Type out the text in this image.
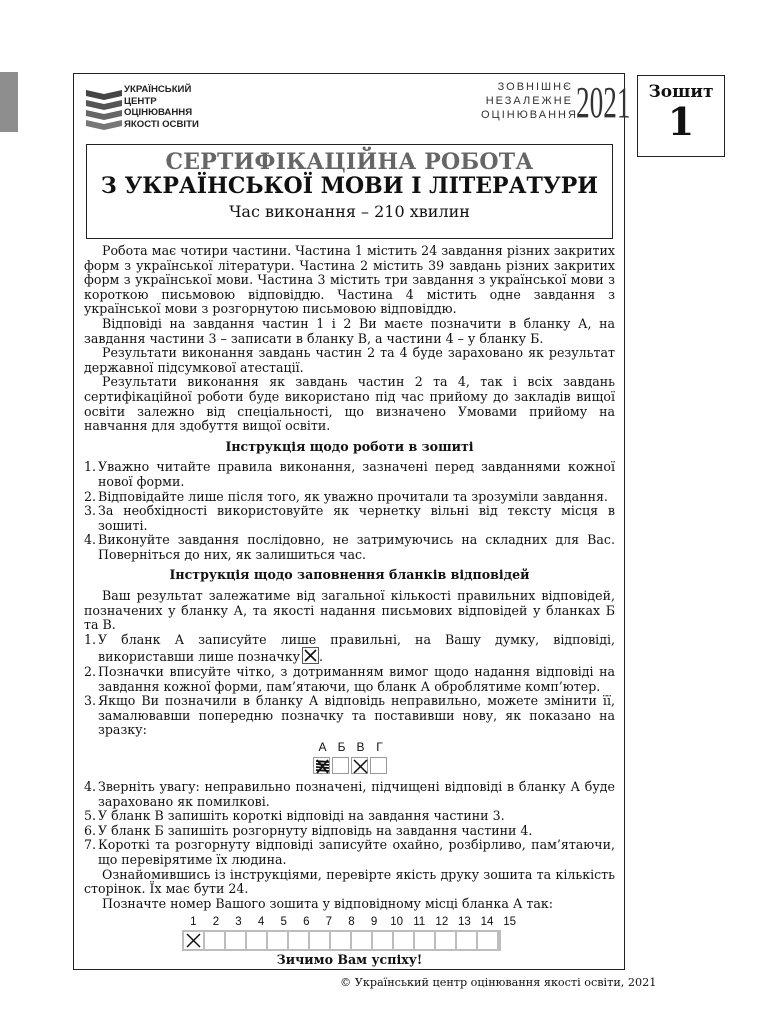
Зошит
1
УКРАЇНСЬКИЙ
ЦЕНТР
ОЦІНЮВАННЯ
ЯКОСТІ ОСВІТИ
ЗОВНІШНЄ
НЕЗАЛЕЖНЕ
ОЦІНЮВАННЯ
2021
СЕРТИФІКАЦІЙНА РОБОТА
З УКРАЇНСЬКОЇ МОВИ І ЛІТЕРАТУРИ
Час виконання – 210 хвилин

Робота має чотири частини. Частина 1 містить 24 завдання різних закритих форм з української літератури. Частина 2 містить 39 завдань різних закритих форм з української мови. Частина 3 містить три завдання з української мови з короткою письмовою відповіддю. Частина 4 містить одне завдання з української мови з розгорнутою письмовою відповіддю.

Відповіді на завдання частин 1 і 2 Ви маєте позначити в бланку А, на завдання частини 3 – записати в бланку В, а частини 4 – у бланку Б.

Результати виконання завдань частин 2 та 4 буде зараховано як результат державної підсумкової атестації.

Результати виконання як завдань частин 2 та 4, так і всіх завдань сертифікаційної роботи буде використано під час прийому до закладів вищої освіти залежно від спеціальності, що визначено Умовами прийому на навчання для здобуття вищої освіти.

Інструкція щодо роботи в зошиті
1. Уважно читайте правила виконання, зазначені перед завданнями кожної нової форми.
2. Відповідайте лише після того, як уважно прочитали та зрозуміли завдання.
3. За необхідності використовуйте як чернетку вільні від тексту місця в зошиті.
4. Виконуйте завдання послідовно, не затримуючись на складних для Вас. Поверніться до них, як залишиться час.
Інструкція щодо заповнення бланків відповідей

Ваш результат залежатиме від загальної кількості правильних відповідей, позначених у бланку А, та якості надання письмових відповідей у бланках Б та В.

1. У бланк А записуйте лише правильні, на Вашу думку, відповіді, використавши лише позначку .
2. Позначки вписуйте чітко, з дотриманням вимог щодо надання відповіді на завдання кожної форми, пам’ятаючи, що бланк А оброблятиме комп’ютер.
3. Якщо Ви позначили в бланку А відповідь неправильно, можете змінити її, замалювавши попередню позначку та поставивши нову, як показано на зразку:
А Б В Г
4. Зверніть увагу: неправильно позначені, підчищені відповіді в бланку А буде зараховано як помилкові.
5. У бланк В запишіть короткі відповіді на завдання частини 3.
6. У бланк Б запишіть розгорнуту відповідь на завдання частини 4.
7. Короткі та розгорнуту відповіді записуйте охайно, розбірливо, пам’ятаючи, що перевірятиме їх людина.

Ознайомившись із інструкціями, перевірте якість друку зошита та кількість сторінок. Їх має бути 24.

Позначте номер Вашого зошита у відповідному місці бланка А так:

1	2	3	4	5	6	7	8	9	10 11 12 13 14 15
Зичимо Вам успіху!
© Український центр оцінювання якості освіти, 2021
